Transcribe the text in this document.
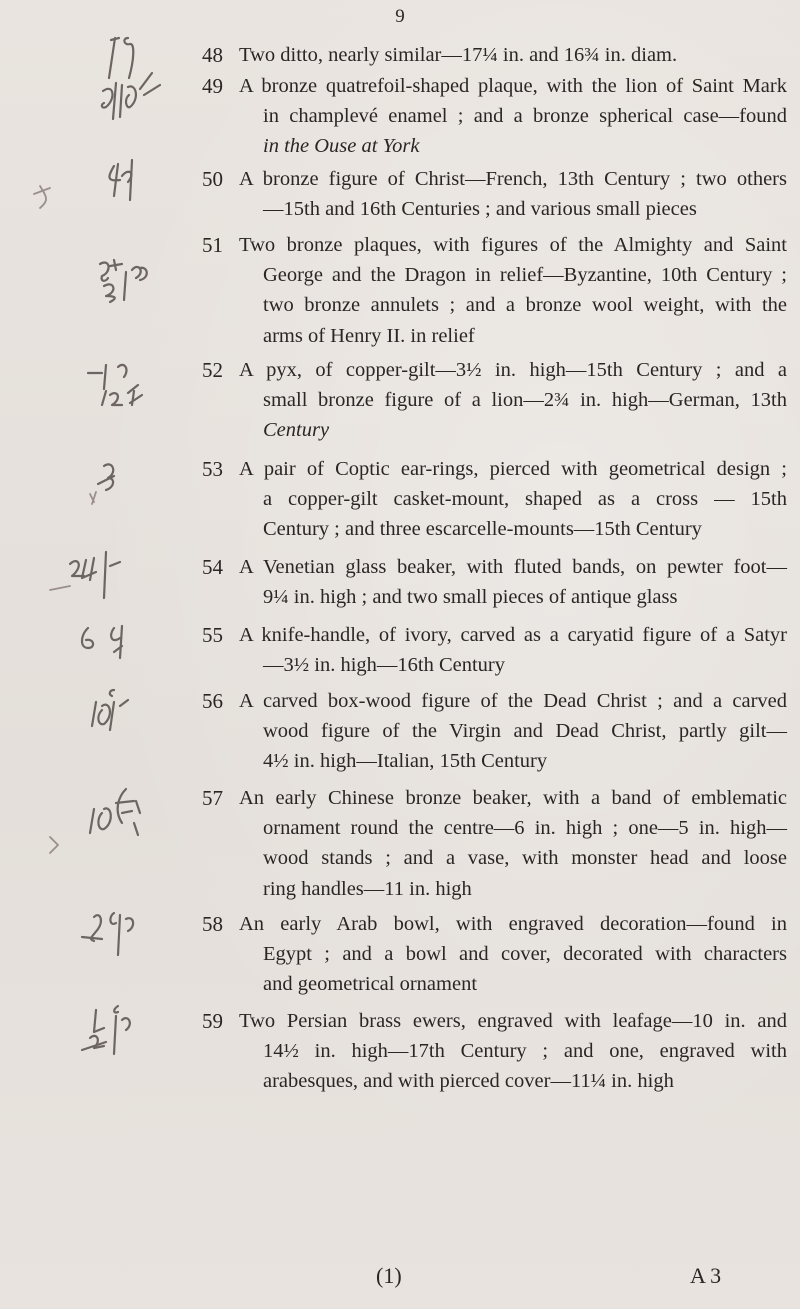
9
48 Two ditto, nearly similar—17¼ in. and 16¾ in. diam.
49 A bronze quatrefoil-shaped plaque, with the lion of Saint Mark
in champlevé enamel ; and a bronze spherical case—found
in the Ouse at York
50 A bronze figure of Christ—French, 13th Century ; two others
—15th and 16th Centuries ; and various small pieces
51 Two bronze plaques, with figures of the Almighty and Saint
George and the Dragon in relief—Byzantine, 10th Century ;
two bronze annulets ; and a bronze wool weight, with the
arms of Henry II. in relief
52 A pyx, of copper-gilt—3½ in. high—15th Century ; and a
small bronze figure of a lion—2¾ in. high—German, 13th
Century
53 A pair of Coptic ear-rings, pierced with geometrical design ;
a copper-gilt casket-mount, shaped as a cross — 15th
Century ; and three escarcelle-mounts—15th Century
54 A Venetian glass beaker, with fluted bands, on pewter foot—
9¼ in. high ; and two small pieces of antique glass
55 A knife-handle, of ivory, carved as a caryatid figure of a Satyr
—3½ in. high—16th Century
56 A carved box-wood figure of the Dead Christ ; and a carved
wood figure of the Virgin and Dead Christ, partly gilt—
4½ in. high—Italian, 15th Century
57 An early Chinese bronze beaker, with a band of emblematic
ornament round the centre—6 in. high ; one—5 in. high—
wood stands ; and a vase, with monster head and loose
ring handles—11 in. high
58 An early Arab bowl, with engraved decoration—found in
Egypt ; and a bowl and cover, decorated with characters
and geometrical ornament
59 Two Persian brass ewers, engraved with leafage—10 in. and
14½ in. high—17th Century ; and one, engraved with
arabesques, and with pierced cover—11¼ in. high
(1)	A 3
